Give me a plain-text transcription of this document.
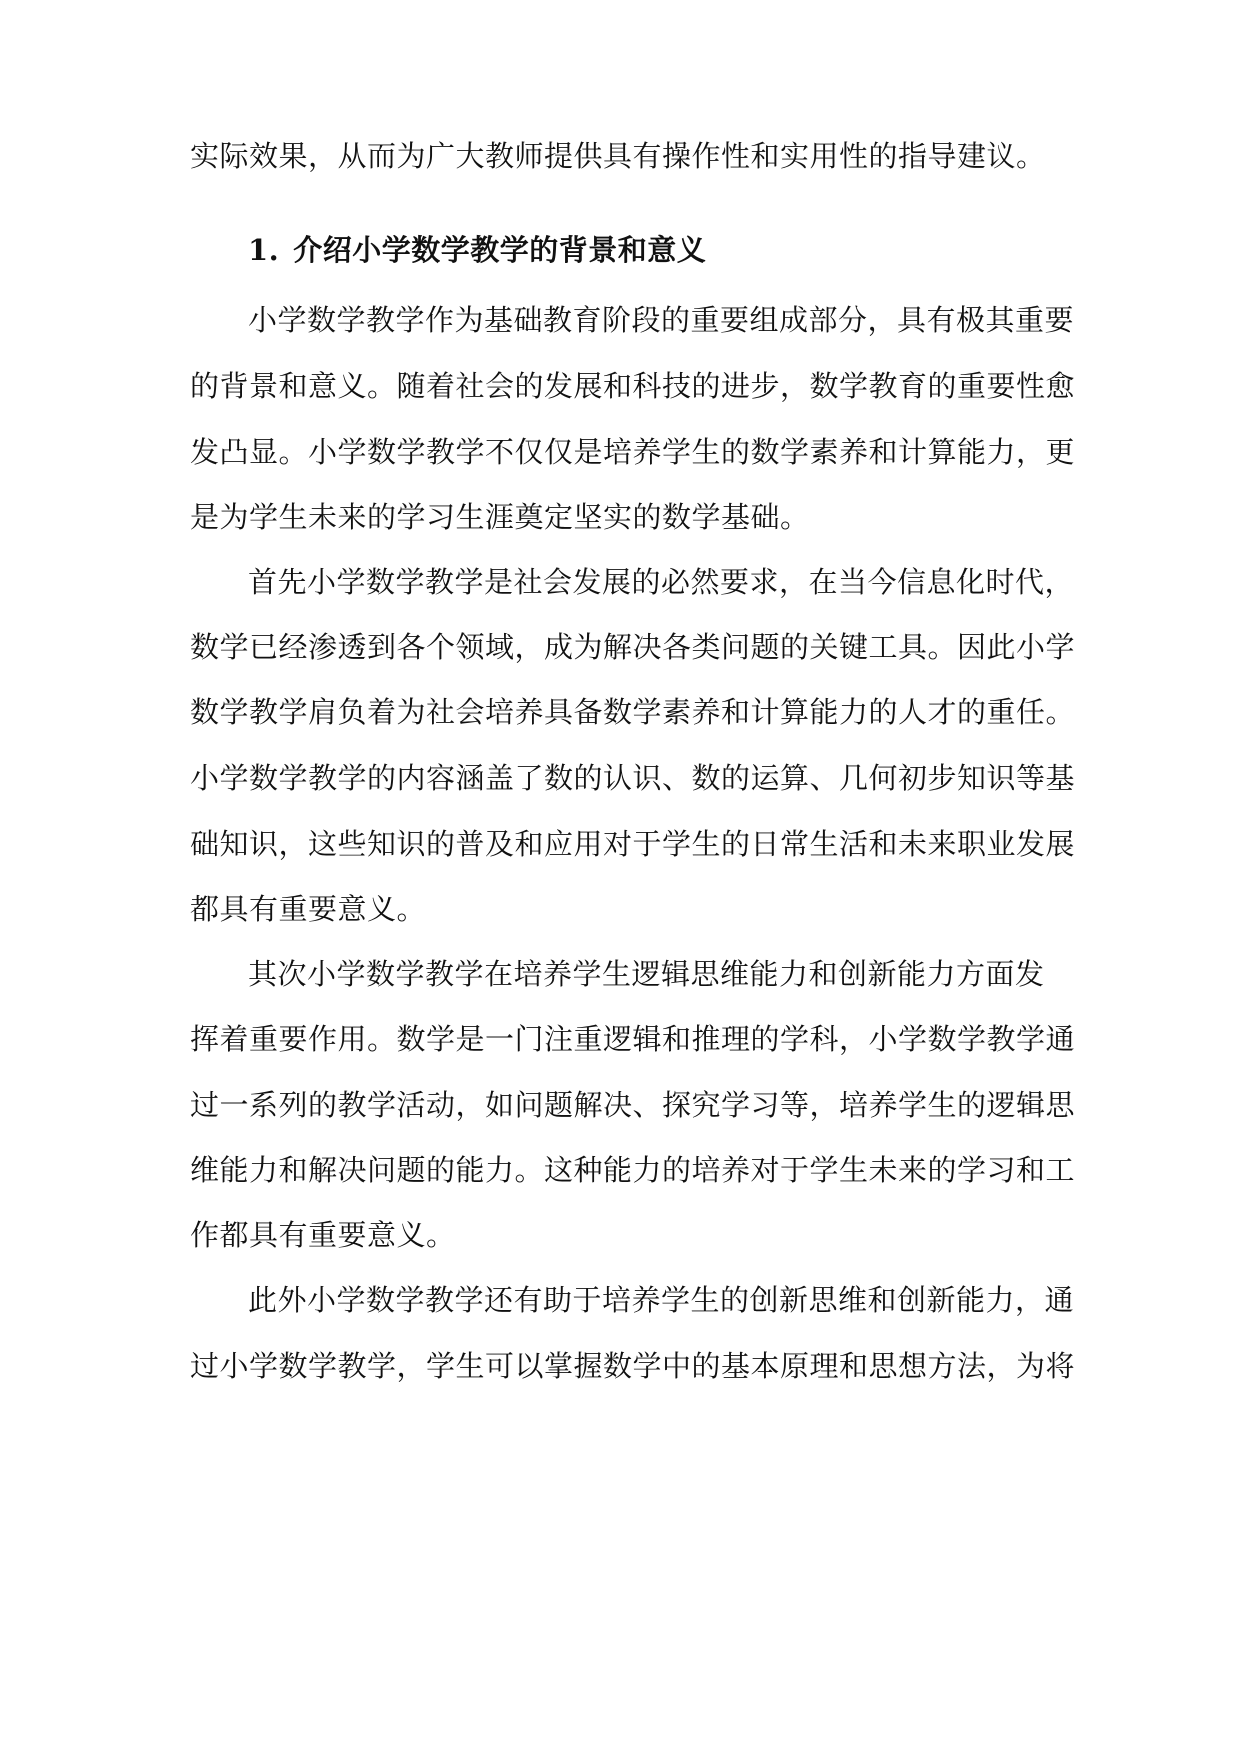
实际效果，从而为广大教师提供具有操作性和实用性的指导建议。
1. 介绍小学数学教学的背景和意义
小学数学教学作为基础教育阶段的重要组成部分，具有极其重要
的背景和意义。随着社会的发展和科技的进步，数学教育的重要性愈
发凸显。小学数学教学不仅仅是培养学生的数学素养和计算能力，更
是为学生未来的学习生涯奠定坚实的数学基础。
首先小学数学教学是社会发展的必然要求，在当今信息化时代，
数学已经渗透到各个领域，成为解决各类问题的关键工具。因此小学
数学教学肩负着为社会培养具备数学素养和计算能力的人才的重任。
小学数学教学的内容涵盖了数的认识、数的运算、几何初步知识等基
础知识，这些知识的普及和应用对于学生的日常生活和未来职业发展
都具有重要意义。
其次小学数学教学在培养学生逻辑思维能力和创新能力方面发
挥着重要作用。数学是一门注重逻辑和推理的学科，小学数学教学通
过一系列的教学活动，如问题解决、探究学习等，培养学生的逻辑思
维能力和解决问题的能力。这种能力的培养对于学生未来的学习和工
作都具有重要意义。
此外小学数学教学还有助于培养学生的创新思维和创新能力，通
过小学数学教学，学生可以掌握数学中的基本原理和思想方法，为将
